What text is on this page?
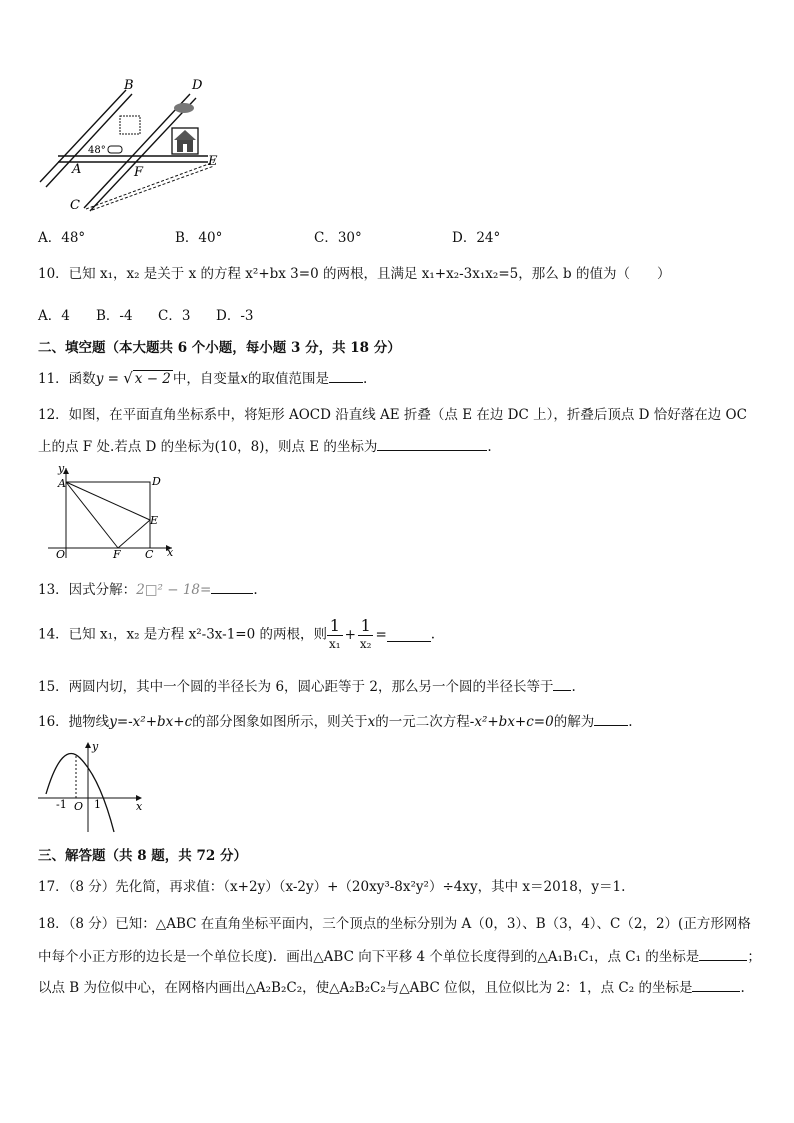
B	D
48°
A	F
E
C
A．48°	B．40°	C．30°	D．24°
10．已知 x₁，x₂ 是关于 x 的方程 x²+bx 3=0 的两根，且满足 x₁+x₂-3x₁x₂=5，那么 b 的值为（　　）
A．4 B．-4 C．3 D．-3
二、填空题（本大题共 6 个小题，每小题 3 分，共 18 分）
11．函数y = √ x − 2 中，自变量x的取值范围是	.
12．如图，在平面直角坐标系中，将矩形 AOCD 沿直线 AE 折叠（点 E 在边 DC 上），折叠后顶点 D 恰好落在边 OC
上的点 F 处.若点 D 的坐标为(10，8)，则点 E 的坐标为	.
y
A	D
E
O	F C x
13．因式分解：2□² − 18=	.
14．已知 x₁，x₂ 是方程 x²-3x-1=0 的两根，则 $\frac{1}{\text{x₁}} + \frac{1}{\text{x₂}}$ =	.
15．两圆内切，其中一个圆的半径长为 6，圆心距等于 2，那么另一个圆的半径长等于 .
16．抛物线y=-x²+bx+c的部分图象如图所示，则关于x的一元二次方程-x²+bx+c=0的解为	.
y
x
-1 O 1
三、解答题（共 8 题，共 72 分）
17．（8 分）先化简，再求值：（x+2y）（x-2y）+（20xy³-8x²y²）÷4xy，其中 x＝2018，y＝1.
18．（8 分）已知：△ABC 在直角坐标平面内，三个顶点的坐标分别为 A（0，3）、B（3，4）、C（2，2）(正方形网格
中每个小正方形的边长是一个单位长度)．画出△ABC 向下平移 4 个单位长度得到的△A₁B₁C₁，点 C₁ 的坐标是	；
以点 B 为位似中心，在网格内画出△A₂B₂C₂，使△A₂B₂C₂与△ABC 位似，且位似比为 2：1，点 C₂ 的坐标是	.
